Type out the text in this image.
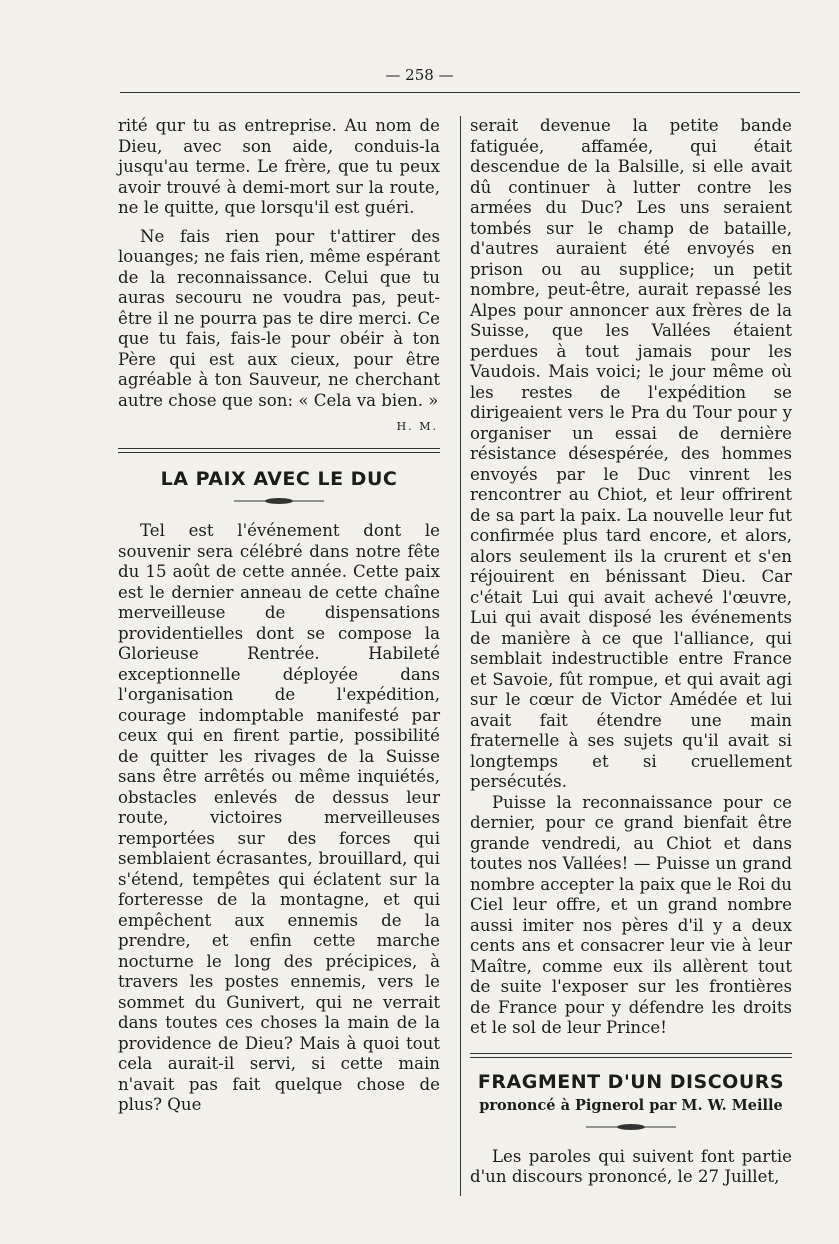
— 258 —

rité qur tu as entreprise. Au nom de Dieu, avec son aide, conduis-la jusqu'au terme. Le frère, que tu peux avoir trouvé à demi-mort sur la route, ne le quitte, que lorsqu'il est guéri.

Ne fais rien pour t'attirer des louanges; ne fais rien, même espérant de la reconnaissance. Celui que tu auras secouru ne voudra pas, peut-être il ne pourra pas te dire merci. Ce que tu fais, fais-le pour obéir à ton Père qui est aux cieux, pour être agréable à ton Sauveur, ne cherchant autre chose que son: « Cela va bien. »

H. M.
LA PAIX AVEC LE DUC

Tel est l'événement dont le souvenir sera célébré dans notre fête du 15 août de cette année. Cette paix est le dernier anneau de cette chaîne merveilleuse de dispensations providentielles dont se compose la Glorieuse Rentrée. Habileté exceptionnelle déployée dans l'organisation de l'expédition, courage indomptable manifesté par ceux qui en firent partie, possibilité de quitter les rivages de la Suisse sans être arrêtés ou même inquiétés, obstacles enlevés de dessus leur route, victoires merveilleuses remportées sur des forces qui semblaient écrasantes, brouillard, qui s'étend, tempêtes qui éclatent sur la forteresse de la montagne, et qui empêchent aux ennemis de la prendre, et enfin cette marche nocturne le long des précipices, à travers les postes ennemis, vers le sommet du Gunivert, qui ne verrait dans toutes ces choses la main de la providence de Dieu? Mais à quoi tout cela aurait-il servi, si cette main n'avait pas fait quelque chose de plus? Que

serait devenue la petite bande fatiguée, affamée, qui était descendue de la Balsille, si elle avait dû continuer à lutter contre les armées du Duc? Les uns seraient tombés sur le champ de bataille, d'autres auraient été envoyés en prison ou au supplice; un petit nombre, peut-être, aurait repassé les Alpes pour annoncer aux frères de la Suisse, que les Vallées étaient perdues à tout jamais pour les Vaudois. Mais voici; le jour même où les restes de l'expédition se dirigeaient vers le Pra du Tour pour y organiser un essai de dernière résistance désespérée, des hommes envoyés par le Duc vinrent les rencontrer au Chiot, et leur offrirent de sa part la paix. La nouvelle leur fut confirmée plus tard encore, et alors, alors seulement ils la crurent et s'en réjouirent en bénissant Dieu. Car c'était Lui qui avait achevé l'œuvre, Lui qui avait disposé les événements de manière à ce que l'alliance, qui semblait indestructible entre France et Savoie, fût rompue, et qui avait agi sur le cœur de Victor Amédée et lui avait fait étendre une main fraternelle à ses sujets qu'il avait si longtemps et si cruellement persécutés.

Puisse la reconnaissance pour ce dernier, pour ce grand bienfait être grande vendredi, au Chiot et dans toutes nos Vallées! — Puisse un grand nombre accepter la paix que le Roi du Ciel leur offre, et un grand nombre aussi imiter nos pères d'il y a deux cents ans et consacrer leur vie à leur Maître, comme eux ils allèrent tout de suite l'exposer sur les frontières de France pour y défendre les droits et le sol de leur Prince!

FRAGMENT D'UN DISCOURS
prononcé à Pignerol par M. W. Meille

Les paroles qui suivent font partie d'un discours prononcé, le 27 Juillet,
